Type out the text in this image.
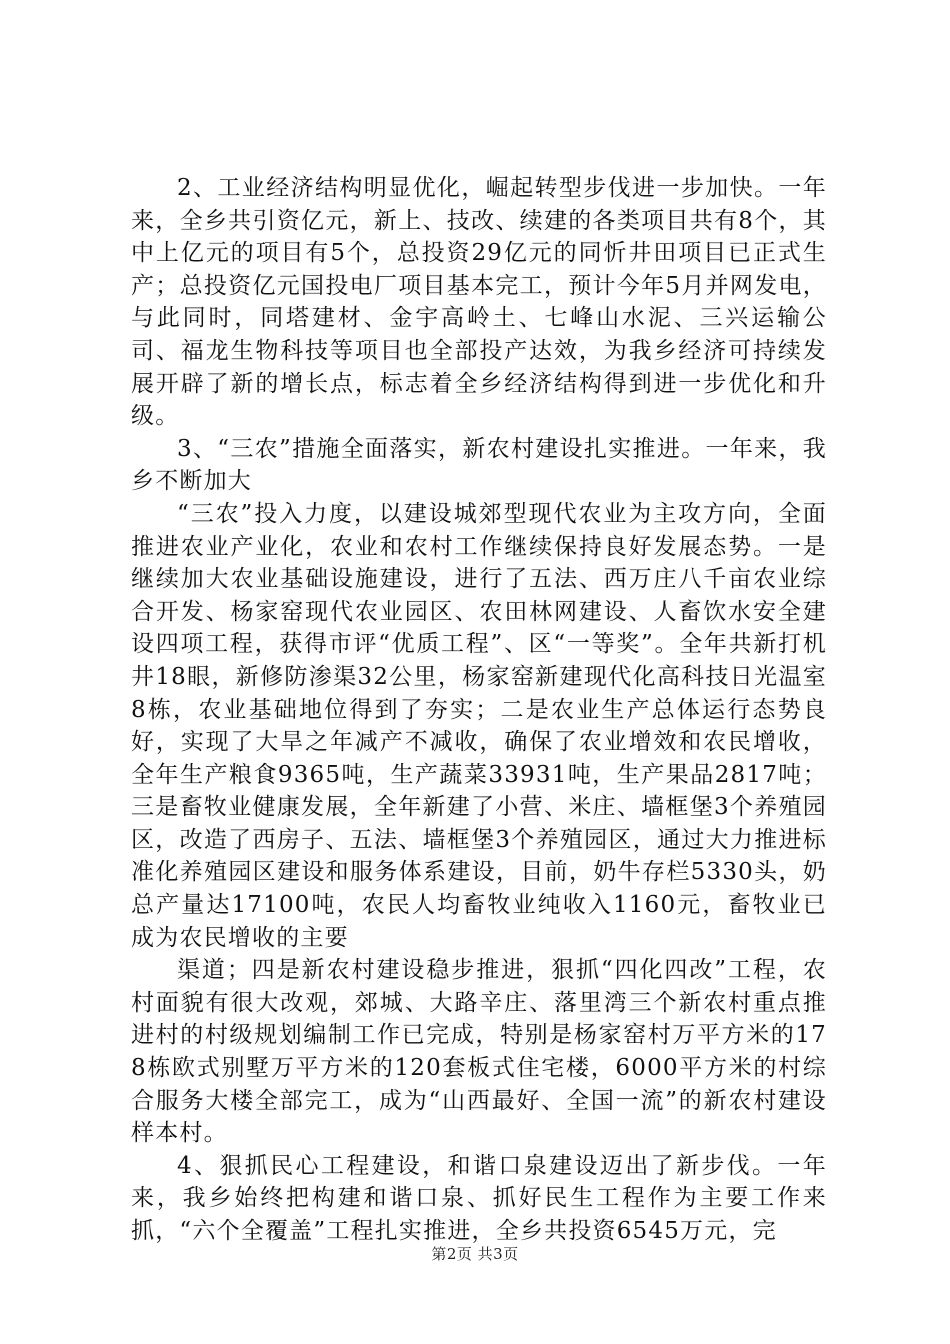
2、工业经济结构明显优化，崛起转型步伐进一步加快。一年来，全乡共引资亿元，新上、技改、续建的各类项目共有8个，其中上亿元的项目有5个，总投资29亿元的同忻井田项目已正式生产；总投资亿元国投电厂项目基本完工，预计今年5月并网发电，与此同时，同塔建材、金宇高岭土、七峰山水泥、三兴运输公司、福龙生物科技等项目也全部投产达效，为我乡经济可持续发展开辟了新的增长点，标志着全乡经济结构得到进一步优化和升级。

3、“三农”措施全面落实，新农村建设扎实推进。一年来，我乡不断加大

“三农”投入力度，以建设城郊型现代农业为主攻方向，全面推进农业产业化，农业和农村工作继续保持良好发展态势。一是继续加大农业基础设施建设，进行了五法、西万庄八千亩农业综合开发、杨家窑现代农业园区、农田林网建设、人畜饮水安全建设四项工程，获得市评“优质工程”、区“一等奖”。全年共新打机井18眼，新修防渗渠32公里，杨家窑新建现代化高科技日光温室8栋，农业基础地位得到了夯实；二是农业生产总体运行态势良好，实现了大旱之年减产不减收，确保了农业增效和农民增收，全年生产粮食9365吨，生产蔬菜33931吨，生产果品2817吨；三是畜牧业健康发展，全年新建了小营、米庄、墙框堡3个养殖园区，改造了西房子、五法、墙框堡3个养殖园区，通过大力推进标准化养殖园区建设和服务体系建设，目前，奶牛存栏5330头，奶总产量达17100吨，农民人均畜牧业纯收入1160元，畜牧业已成为农民增收的主要

渠道；四是新农村建设稳步推进，狠抓“四化四改”工程，农村面貌有很大改观，郊城、大路辛庄、落里湾三个新农村重点推进村的村级规划编制工作已完成，特别是杨家窑村万平方米的178栋欧式别墅万平方米的120套板式住宅楼，6000平方米的村综合服务大楼全部完工，成为“山西最好、全国一流”的新农村建设样本村。

4、狠抓民心工程建设，和谐口泉建设迈出了新步伐。一年来，我乡始终把构建和谐口泉、抓好民生工程作为主要工作来抓，“六个全覆盖”工程扎实推进，全乡共投资6545万元，完

第2页 共3页
